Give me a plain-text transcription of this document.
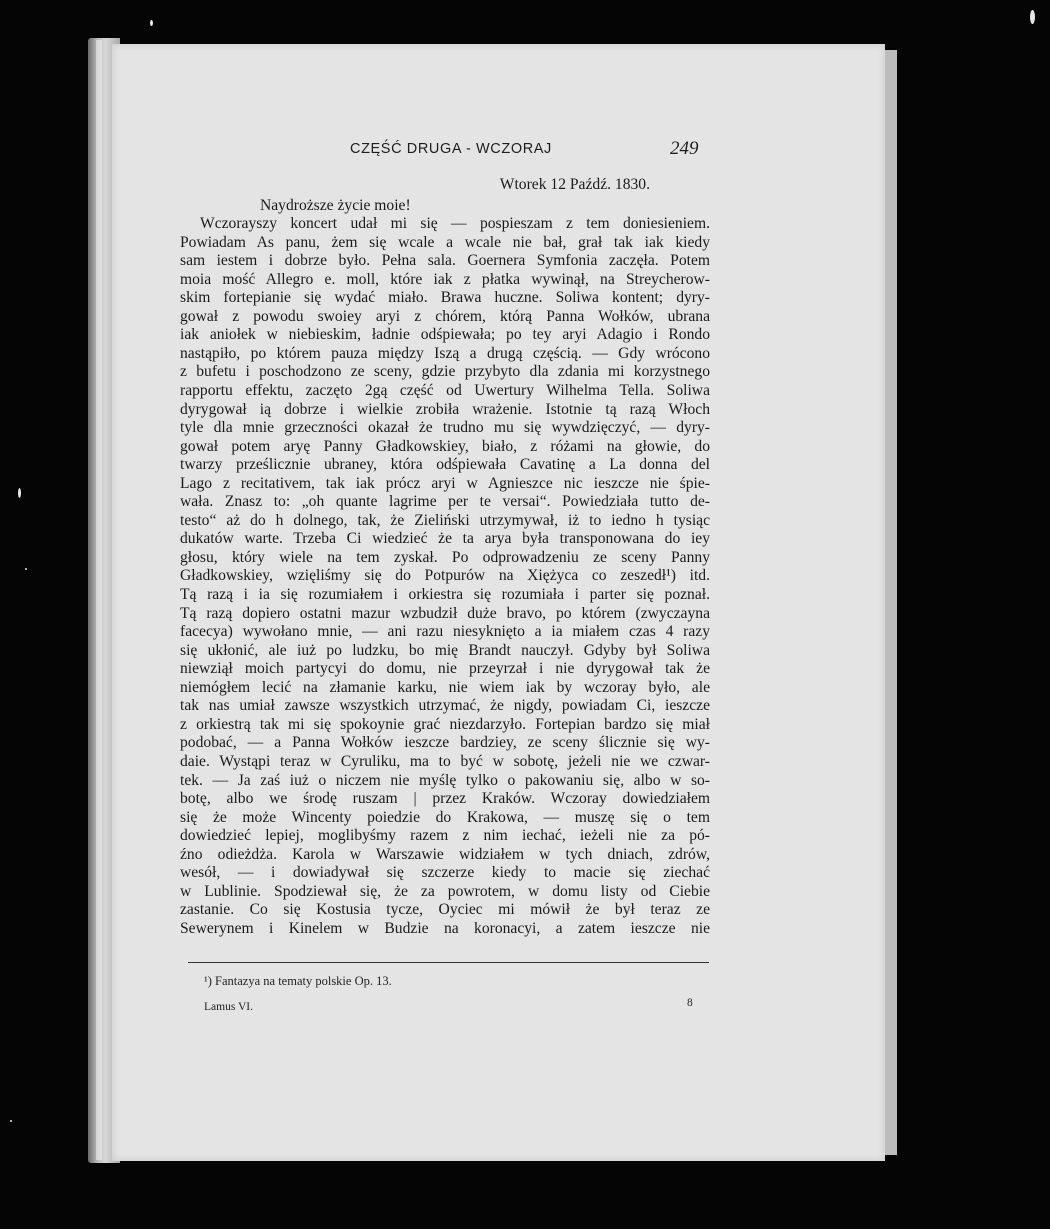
CZĘŚĆ DRUGA - WCZORAJ	249
Wtorek 12 Paźdź. 1830.
Naydroższe życie moie!
Wczorayszy koncert udał mi się — pospieszam z tem doniesieniem.
Powiadam As panu, żem się wcale a wcale nie bał, grał tak iak kiedy
sam iestem i dobrze było. Pełna sala. Goernera Symfonia zaczęła. Potem
moia mość Allegro e. moll, które iak z płatka wywinął, na Streycherow-
skim fortepianie się wydać miało. Brawa huczne. Soliwa kontent; dyry-
gował z powodu swoiey aryi z chórem, którą Panna Wołków, ubrana
iak aniołek w niebieskim, ładnie odśpiewała; po tey aryi Adagio i Rondo
nastąpiło, po którem pauza między Iszą a drugą częścią. — Gdy wrócono
z bufetu i poschodzono ze sceny, gdzie przybyto dla zdania mi korzystnego
rapportu effektu, zaczęto 2gą część od Uwertury Wilhelma Tella. Soliwa
dyrygował ią dobrze i wielkie zrobiła wrażenie. Istotnie tą razą Włoch
tyle dla mnie grzeczności okazał że trudno mu się wywdzięczyć, — dyry-
gował potem aryę Panny Gładkowskiey, biało, z różami na głowie, do
twarzy prześlicznie ubraney, która odśpiewała Cavatinę a La donna del
Lago z recitativem, tak iak prócz aryi w Agnieszce nic ieszcze nie śpie-
wała. Znasz to: „oh quante lagrime per te versai“. Powiedziała tutto de-
testo“ aż do h dolnego, tak, że Zieliński utrzymywał, iż to iedno h tysiąc
dukatów warte. Trzeba Ci wiedzieć że ta arya była transponowana do iey
głosu, który wiele na tem zyskał. Po odprowadzeniu ze sceny Panny
Gładkowskiey, wzięliśmy się do Potpurów na Xiężyca co zeszedł¹) itd.
Tą razą i ia się rozumiałem i orkiestra się rozumiała i parter się poznał.
Tą razą dopiero ostatni mazur wzbudził duże bravo, po którem (zwyczayna
facecya) wywołano mnie, — ani razu niesyknięto a ia miałem czas 4 razy
się ukłonić, ale iuż po ludzku, bo mię Brandt nauczył. Gdyby był Soliwa
niewziął moich partycyi do domu, nie przeyrzał i nie dyrygował tak że
niemógłem lecić na złamanie karku, nie wiem iak by wczoray było, ale
tak nas umiał zawsze wszystkich utrzymać, że nigdy, powiadam Ci, ieszcze
z orkiestrą tak mi się spokoynie grać niezdarzyło. Fortepian bardzo się miał
podobać, — a Panna Wołków ieszcze bardziey, ze sceny ślicznie się wy-
daie. Wystąpi teraz w Cyruliku, ma to być w sobotę, jeżeli nie we czwar-
tek. — Ja zaś iuż o niczem nie myślę tylko o pakowaniu się, albo w so-
botę, albo we środę ruszam | przez Kraków. Wczoray dowiedziałem
się że może Wincenty poiedzie do Krakowa, — muszę się o tem
dowiedzieć lepiej, moglibyśmy razem z nim iechać, ieżeli nie za pó-
źno odieżdża. Karola w Warszawie widziałem w tych dniach, zdrów,
wesół, — i dowiadywał się szczerze kiedy to macie się ziechać
w Lublinie. Spodziewał się, że za powrotem, w domu listy od Ciebie
zastanie. Co się Kostusia tycze, Oyciec mi mówił że był teraz ze
Sewerynem i Kinelem w Budzie na koronacyi, a zatem ieszcze nie
¹) Fantazya na tematy polskie Op. 13.
Lamus VI.	8
